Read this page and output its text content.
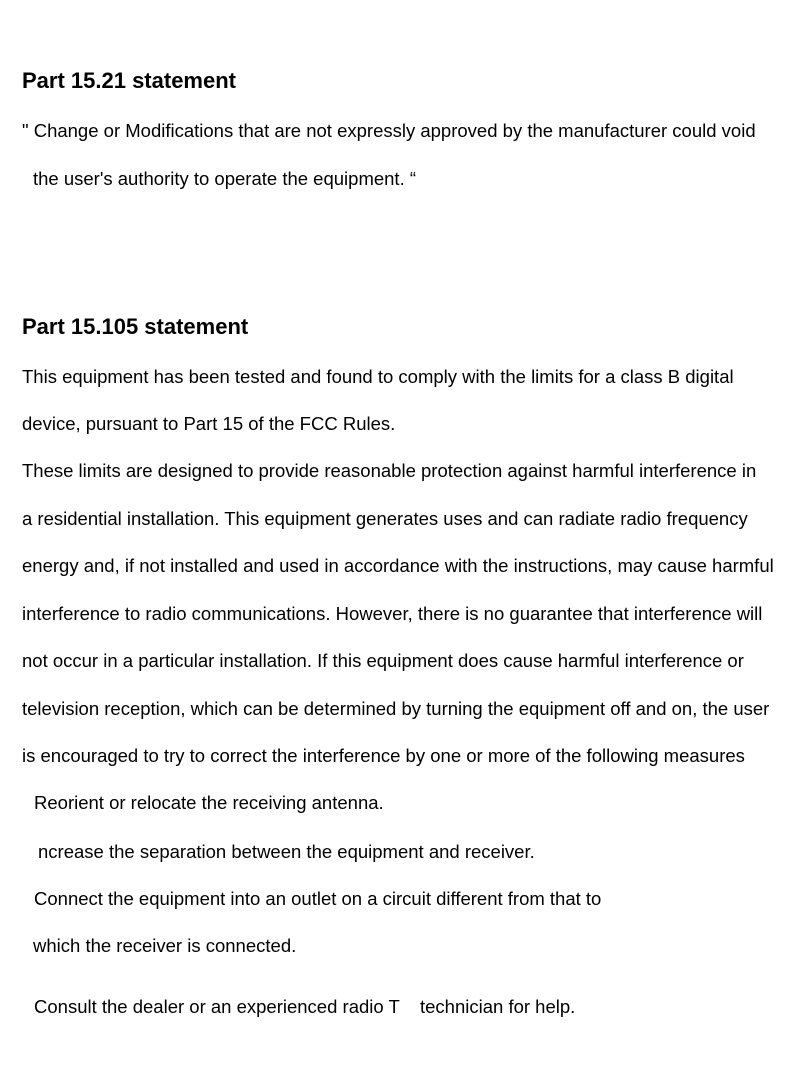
Part 15.21 statement
" Change or Modifications that are not expressly approved by the manufacturer could void
the user's authority to operate the equipment. “
Part 15.105 statement
This equipment has been tested and found to comply with the limits for a class B digital
device, pursuant to Part 15 of the FCC Rules.
These limits are designed to provide reasonable protection against harmful interference in
a residential installation. This equipment generates uses and can radiate radio frequency
energy and, if not installed and used in accordance with the instructions, may cause harmful
interference to radio communications. However, there is no guarantee that interference will
not occur in a particular installation. If this equipment does cause harmful interference or
television reception, which can be determined by turning the equipment off and on, the user
is encouraged to try to correct the interference by one or more of the following measures
Reorient or relocate the receiving antenna.
ncrease the separation between the equipment and receiver.
Connect the equipment into an outlet on a circuit different from that to
which the receiver is connected.
Consult the dealer or an experienced radio T    technician for help.
